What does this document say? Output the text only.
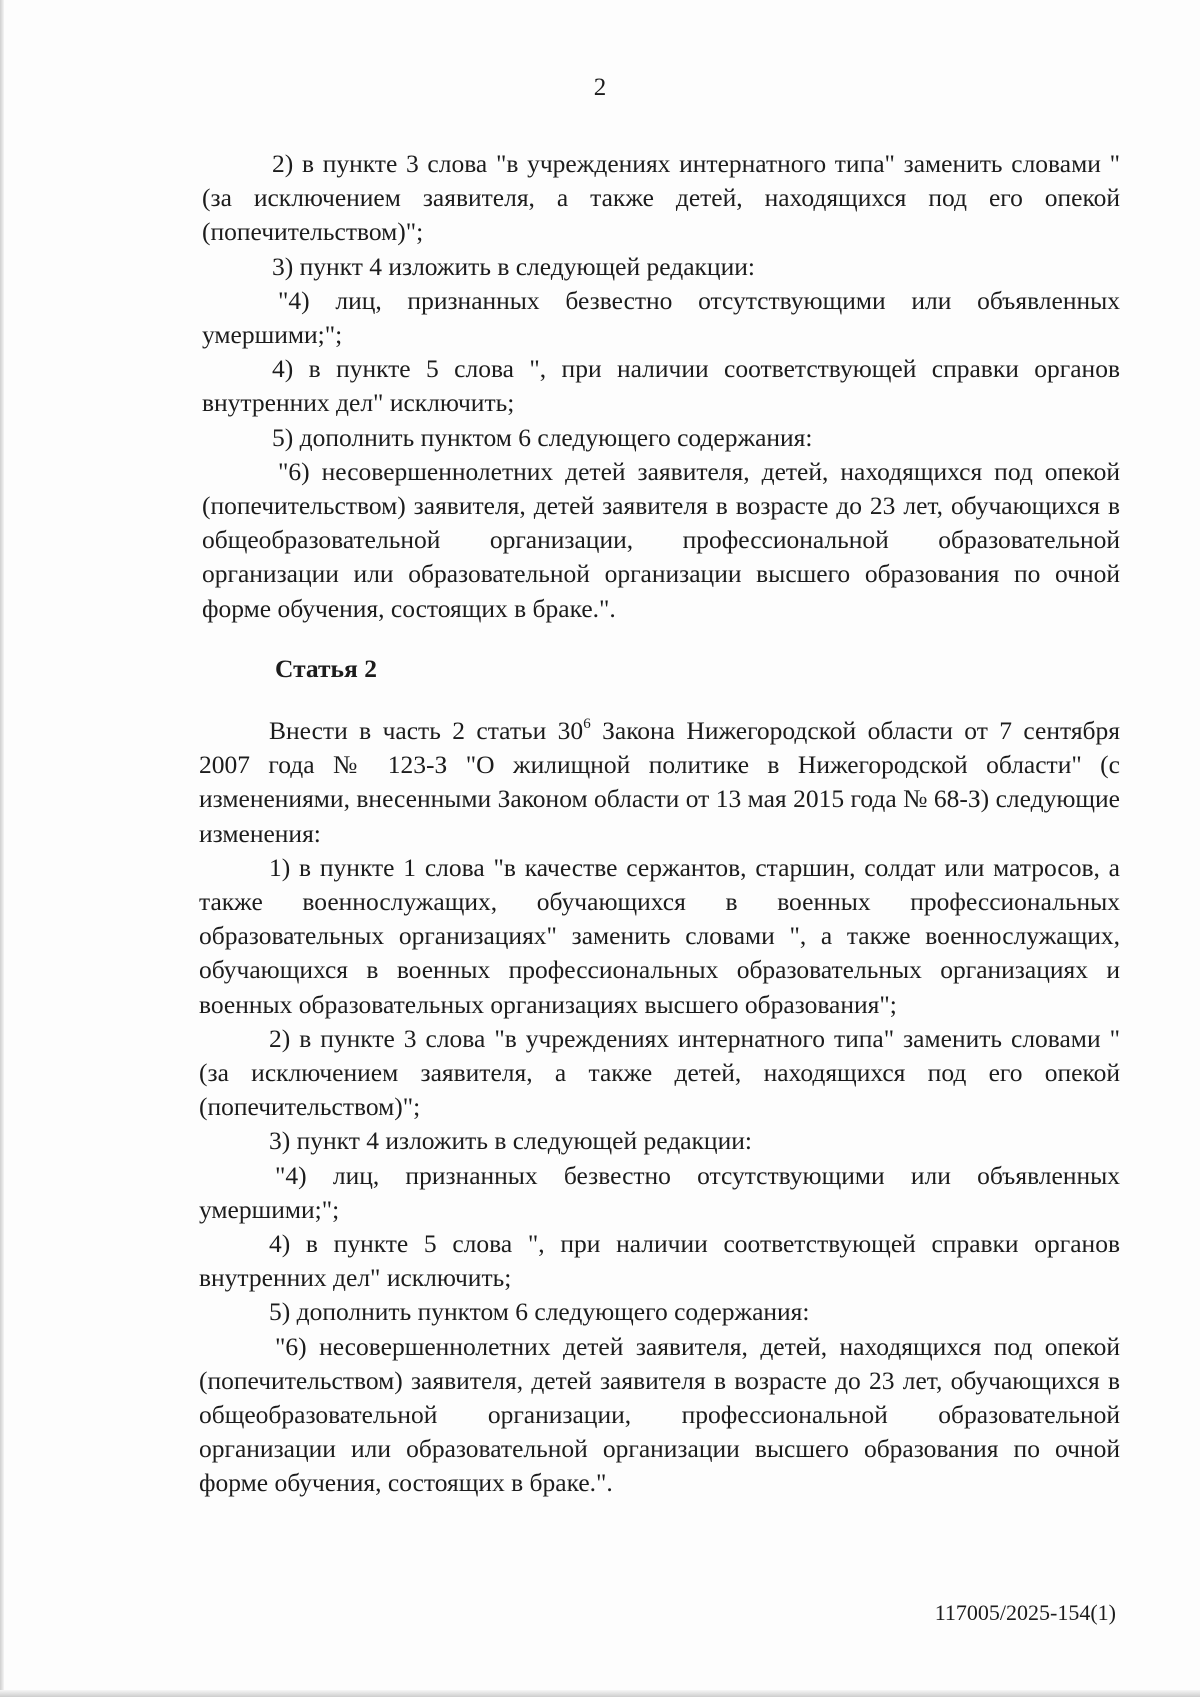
2

2) в пункте 3 слова "в учреждениях интернатного типа" заменить словами "(за исключением заявителя, а также детей, находящихся под его опекой (попечительством)";

3) пункт 4 изложить в следующей редакции:

"4) лиц, признанных безвестно отсутствующими или объявленных умершими;";

4) в пункте 5 слова ", при наличии соответствующей справки органов внутренних дел" исключить;

5) дополнить пунктом 6 следующего содержания:

"6) несовершеннолетних детей заявителя, детей, находящихся под опекой (попечительством) заявителя, детей заявителя в возрасте до 23 лет, обучающихся в общеобразовательной организации, профессиональной образовательной организации или образовательной организации высшего образования по очной форме обучения, состоящих в браке.".

Статья 2

Внести в часть 2 статьи $30^6$ Закона Нижегородской области от 7 сентября 2007 года № 123-З "О жилищной политике в Нижегородской области" (с изменениями, внесенными Законом области от 13 мая 2015 года № 68-З) следующие изменения:

1) в пункте 1 слова "в качестве сержантов, старшин, солдат или матросов, а также военнослужащих, обучающихся в военных профессиональных образовательных организациях" заменить словами ", а также военнослужащих, обучающихся в военных профессиональных образовательных организациях и военных образовательных организациях высшего образования";

2) в пункте 3 слова "в учреждениях интернатного типа" заменить словами "(за исключением заявителя, а также детей, находящихся под его опекой (попечительством)";

3) пункт 4 изложить в следующей редакции:

"4) лиц, признанных безвестно отсутствующими или объявленных умершими;";

4) в пункте 5 слова ", при наличии соответствующей справки органов внутренних дел" исключить;

5) дополнить пунктом 6 следующего содержания:

"6) несовершеннолетних детей заявителя, детей, находящихся под опекой (попечительством) заявителя, детей заявителя в возрасте до 23 лет, обучающихся в общеобразовательной организации, профессиональной образовательной организации или образовательной организации высшего образования по очной форме обучения, состоящих в браке.".

117005/2025-154(1)
